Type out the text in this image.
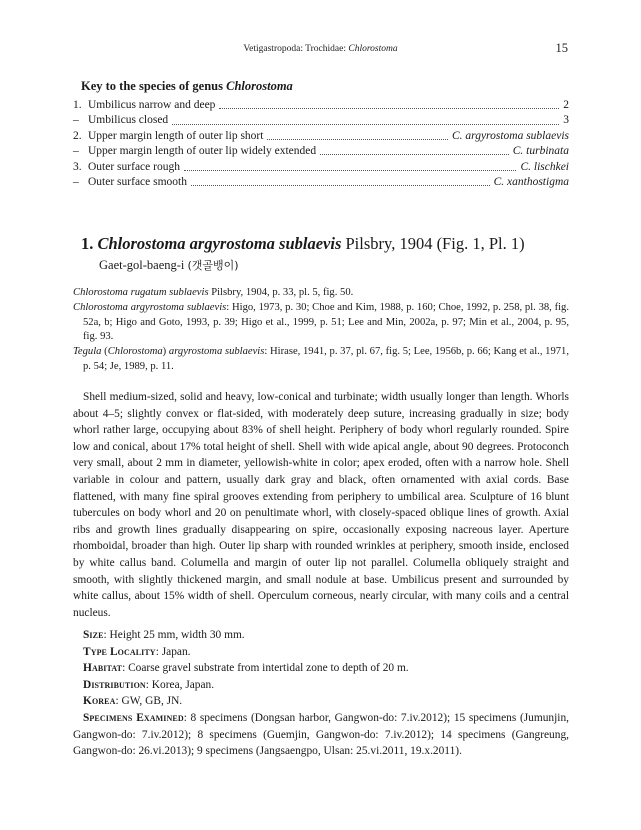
Vetigastropoda: Trochidae: Chlorostoma	15
Key to the species of genus Chlorostoma
1. Umbilicus narrow and deep	2
– Umbilicus closed	3
2. Upper margin length of outer lip short	C. argyrostoma sublaevis
– Upper margin length of outer lip widely extended	C. turbinata
3. Outer surface rough	C. lischkei
– Outer surface smooth	C. xanthostigma
1. Chlorostoma argyrostoma sublaevis Pilsbry, 1904 (Fig. 1, Pl. 1)
Gaet-gol-baeng-i (갯골뱅이)

Chlorostoma rugatum sublaevis Pilsbry, 1904, p. 33, pl. 5, fig. 50.

Chlorostoma argyrostoma sublaevis: Higo, 1973, p. 30; Choe and Kim, 1988, p. 160; Choe, 1992, p. 258, pl. 38, fig. 52a, b; Higo and Goto, 1993, p. 39; Higo et al., 1999, p. 51; Lee and Min, 2002a, p. 97; Min et al., 2004, p. 95, fig. 93.

Tegula (Chlorostoma) argyrostoma sublaevis: Hirase, 1941, p. 37, pl. 67, fig. 5; Lee, 1956b, p. 66; Kang et al., 1971, p. 54; Je, 1989, p. 11.

Shell medium-sized, solid and heavy, low-conical and turbinate; width usually longer than length. Whorls about 4–5; slightly convex or flat-sided, with moderately deep suture, increasing gradually in size; body whorl rather large, occupying about 83% of shell height. Periphery of body whorl regularly rounded. Spire low and conical, about 17% total height of shell. Shell with wide apical angle, about 90 degrees. Protoconch very small, about 2 mm in diameter, yellowish-white in color; apex eroded, often with a narrow hole. Shell variable in colour and pattern, usually dark gray and black, often ornamented with axial cords. Base flattened, with many fine spiral grooves extending from periphery to umbilical area. Sculpture of 16 blunt tubercules on body whorl and 20 on penultimate whorl, with closely-spaced oblique lines of growth. Axial ribs and growth lines gradually disappearing on spire, occasionally exposing nacreous layer. Aperture rhomboidal, broader than high. Outer lip sharp with rounded wrinkles at periphery, smooth inside, enclosed by white callus band. Columella and margin of outer lip not parallel. Columella obliquely straight and smooth, with slightly thickened margin, and small nodule at base. Umbilicus present and surrounded by white callus, about 15% width of shell. Operculum corneous, nearly circular, with many coils and a central nucleus.

Size: Height 25 mm, width 30 mm.

Type Locality: Japan.

Habitat: Coarse gravel substrate from intertidal zone to depth of 20 m.

Distribution: Korea, Japan.

Korea: GW, GB, JN.

Specimens Examined: 8 specimens (Dongsan harbor, Gangwon-do: 7.iv.2012); 15 specimens (Jumunjin, Gangwon-do: 7.iv.2012); 8 specimens (Guemjin, Gangwon-do: 7.iv.2012); 14 specimens (Gangreung, Gangwon-do: 26.vi.2013); 9 specimens (Jangsaengpo, Ulsan: 25.vi.2011, 19.x.2011).
